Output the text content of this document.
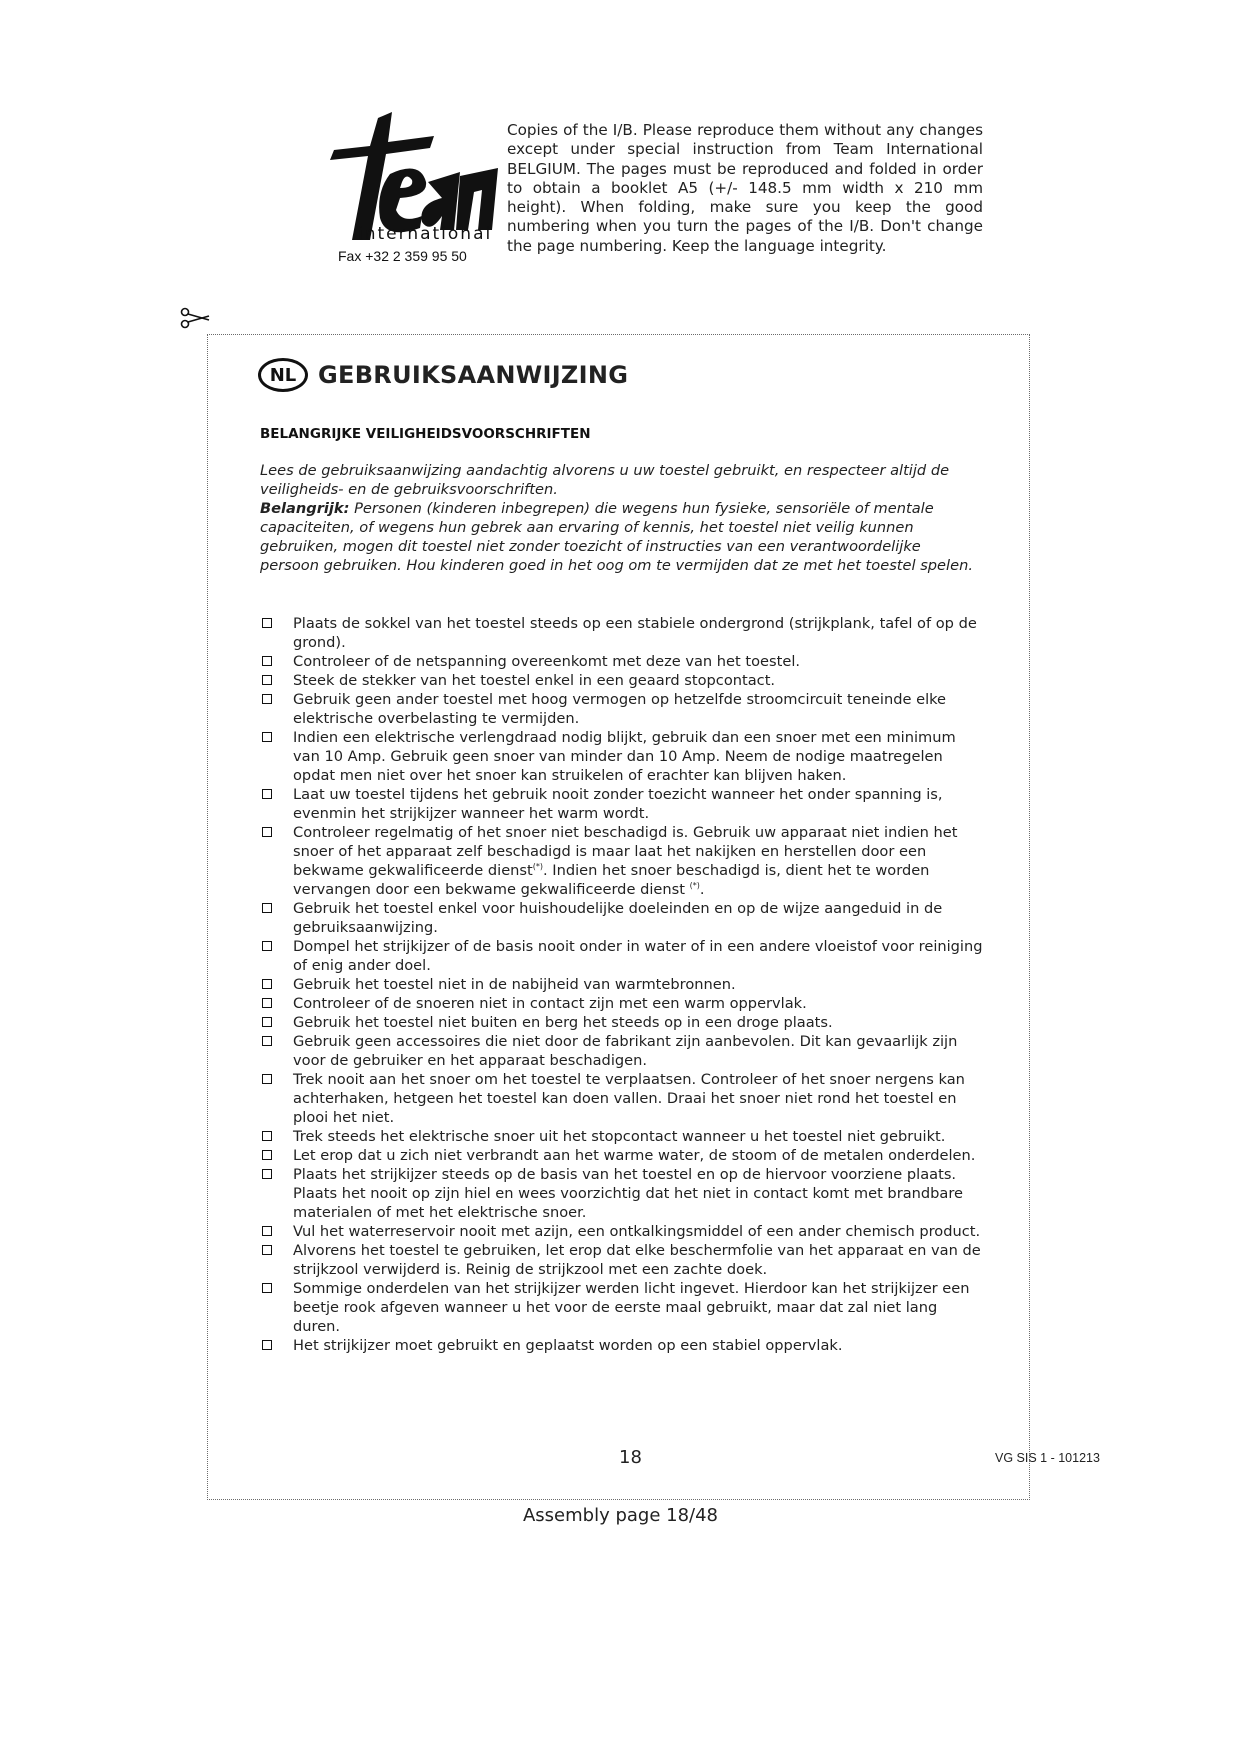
international
Fax +32 2 359 95 50
Copies of the I/B. Please reproduce them without any changes except under special instruction from Team International BELGIUM. The pages must be reproduced and folded in order to obtain a booklet A5 (+/- 148.5 mm width x 210 mm height). When folding, make sure you keep the good numbering when you turn the pages of the I/B. Don't change the page numbering. Keep the language integrity.
NL GEBRUIKSAANWIJZING
BELANGRIJKE VEILIGHEIDSVOORSCHRIFTEN

Lees de gebruiksaanwijzing aandachtig alvorens u uw toestel gebruikt, en respecteer altijd de veiligheids- en de gebruiksvoorschriften.

Belangrijk: Personen (kinderen inbegrepen) die wegens hun fysieke, sensoriële of mentale capaciteiten, of wegens hun gebrek aan ervaring of kennis, het toestel niet veilig kunnen gebruiken, mogen dit toestel niet zonder toezicht of instructies van een verantwoordelijke persoon gebruiken. Hou kinderen goed in het oog om te vermijden dat ze met het toestel spelen.

Plaats de sokkel van het toestel steeds op een stabiele ondergrond (strijkplank, tafel of op de grond).
Controleer of de netspanning overeenkomt met deze van het toestel.
Steek de stekker van het toestel enkel in een geaard stopcontact.
Gebruik geen ander toestel met hoog vermogen op hetzelfde stroomcircuit teneinde elke elektrische overbelasting te vermijden.
Indien een elektrische verlengdraad nodig blijkt, gebruik dan een snoer met een minimum van 10 Amp. Gebruik geen snoer van minder dan 10 Amp. Neem de nodige maatregelen opdat men niet over het snoer kan struikelen of erachter kan blijven haken.
Laat uw toestel tijdens het gebruik nooit zonder toezicht wanneer het onder spanning is, evenmin het strijkijzer wanneer het warm wordt.
Controleer regelmatig of het snoer niet beschadigd is. Gebruik uw apparaat niet indien het snoer of het apparaat zelf beschadigd is maar laat het nakijken en herstellen door een bekwame gekwalificeerde dienst(*). Indien het snoer beschadigd is, dient het te worden vervangen door een bekwame gekwalificeerde dienst (*).
Gebruik het toestel enkel voor huishoudelijke doeleinden en op de wijze aangeduid in de gebruiksaanwijzing.
Dompel het strijkijzer of de basis nooit onder in water of in een andere vloeistof voor reiniging of enig ander doel.
Gebruik het toestel niet in de nabijheid van warmtebronnen.
Controleer of de snoeren niet in contact zijn met een warm oppervlak.
Gebruik het toestel niet buiten en berg het steeds op in een droge plaats.
Gebruik geen accessoires die niet door de fabrikant zijn aanbevolen. Dit kan gevaarlijk zijn voor de gebruiker en het apparaat beschadigen.
Trek nooit aan het snoer om het toestel te verplaatsen. Controleer of het snoer nergens kan achterhaken, hetgeen het toestel kan doen vallen. Draai het snoer niet rond het toestel en plooi het niet.
Trek steeds het elektrische snoer uit het stopcontact wanneer u het toestel niet gebruikt.
Let erop dat u zich niet verbrandt aan het warme water, de stoom of de metalen onderdelen.
Plaats het strijkijzer steeds op de basis van het toestel en op de hiervoor voorziene plaats. Plaats het nooit op zijn hiel en wees voorzichtig dat het niet in contact komt met brandbare materialen of met het elektrische snoer.
Vul het waterreservoir nooit met azijn, een ontkalkingsmiddel of een ander chemisch product.
Alvorens het toestel te gebruiken, let erop dat elke beschermfolie van het apparaat en van de strijkzool verwijderd is. Reinig de strijkzool met een zachte doek.
Sommige onderdelen van het strijkijzer werden licht ingevet. Hierdoor kan het strijkijzer een beetje rook afgeven wanneer u het voor de eerste maal gebruikt, maar dat zal niet lang duren.
Het strijkijzer moet gebruikt en geplaatst worden op een stabiel oppervlak.
18	VG SIS 1 - 101213
Assembly page 18/48
